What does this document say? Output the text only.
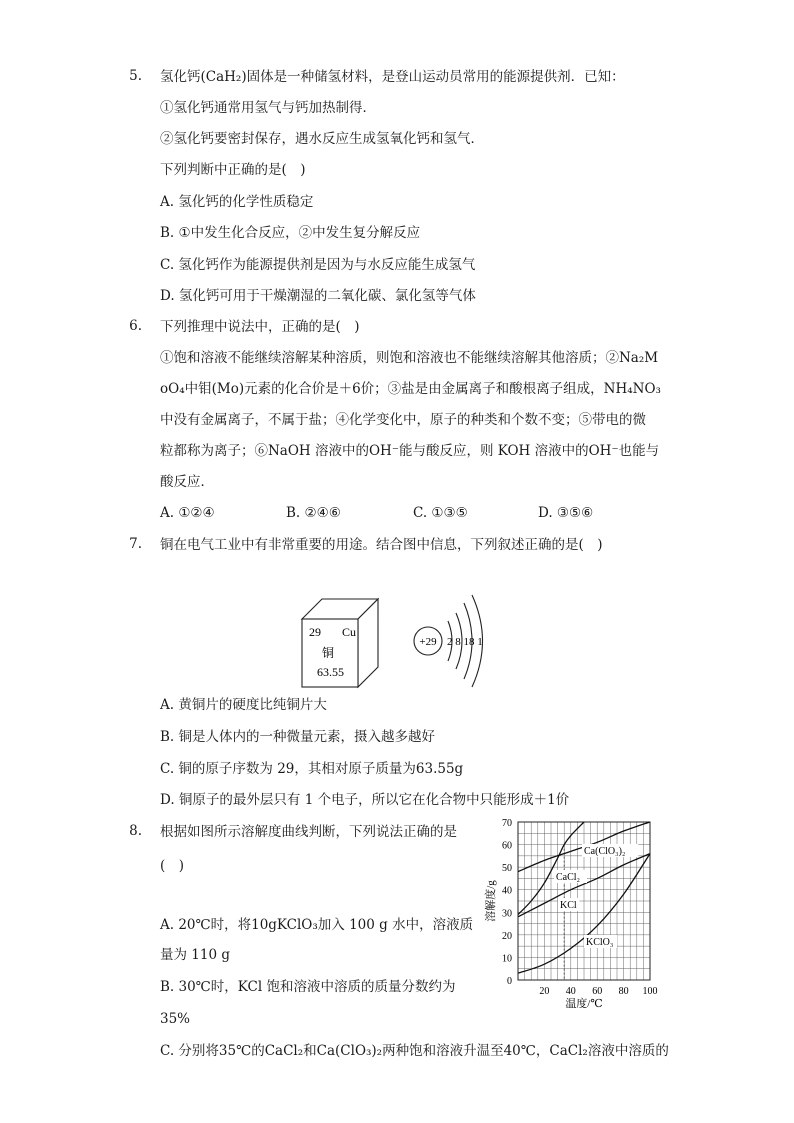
5. 氢化钙(CaH₂)固体是一种储氢材料，是登山运动员常用的能源提供剂．已知：
①氢化钙通常用氢气与钙加热制得．
②氢化钙要密封保存，遇水反应生成氢氧化钙和氢气．
下列判断中正确的是(　)
A. 氢化钙的化学性质稳定
B. ①中发生化合反应，②中发生复分解反应
C. 氢化钙作为能源提供剂是因为与水反应能生成氢气
D. 氢化钙可用于干燥潮湿的二氧化碳、氯化氢等气体
6. 下列推理中说法中，正确的是(　)
①饱和溶液不能继续溶解某种溶质，则饱和溶液也不能继续溶解其他溶质；②Na₂M
oO₄中钼(Mo)元素的化合价是＋6价；③盐是由金属离子和酸根离子组成，NH₄NO₃
中没有金属离子，不属于盐；④化学变化中，原子的种类和个数不变；⑤带电的微
粒都称为离子；⑥NaOH 溶液中的OH⁻能与酸反应，则 KOH 溶液中的OH⁻也能与
酸反应．
A. ①②④	B. ②④⑥	C. ①③⑤	D. ③⑤⑥
7. 铜在电气工业中有非常重要的用途。结合图中信息，下列叙述正确的是(　)
29 Cu
铜
63.55
+29 2 8 18 1
A. 黄铜片的硬度比纯铜片大
B. 铜是人体内的一种微量元素，摄入越多越好
C. 铜的原子序数为 29，其相对原子质量为63.55g
D. 铜原子的最外层只有 1 个电子，所以它在化合物中只能形成＋1价
8. 根据如图所示溶解度曲线判断，下列说法正确的是
(　)
A. 20℃时，将10gKClO₃加入 100 g 水中，溶液质
量为 110 g
B. 30℃时，KCl 饱和溶液中溶质的质量分数约为
35%
C. 分别将35℃的CaCl₂和Ca(ClO₃)₂两种饱和溶液升温至40℃，CaCl₂溶液中溶质的
0
10
20
30
40
50
60
70
20 40 60 80 100
溶解度/g
温度/℃
Ca(ClO₃)₂
CaCl₂
KCl
KClO₃
